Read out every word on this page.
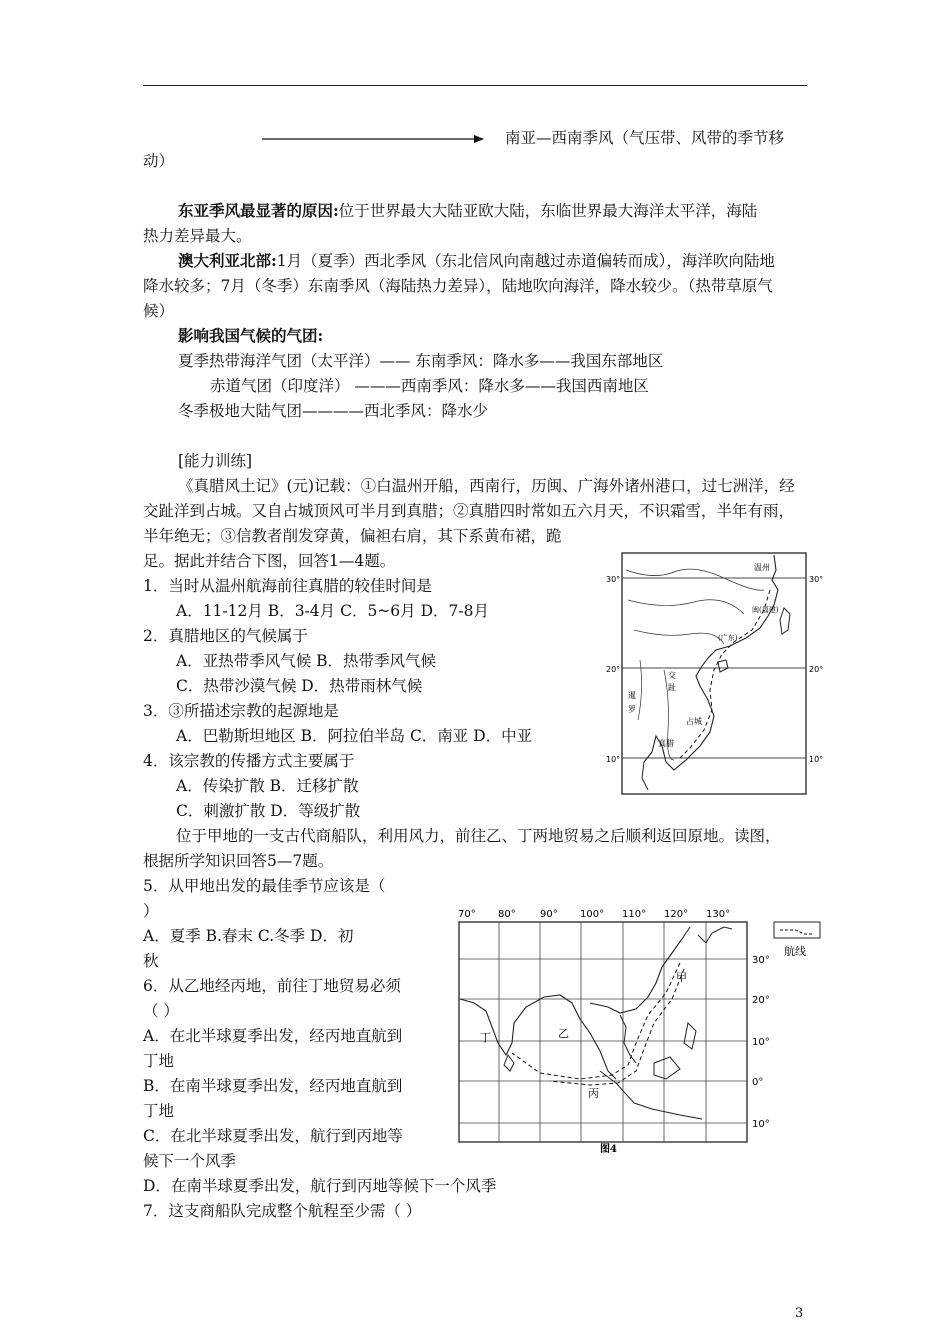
南亚—西南季风（气压带、风带的季节移
动）
东亚季风最显著的原因:位于世界最大大陆亚欧大陆，东临世界最大海洋太平洋，海陆
热力差异最大。
澳大利亚北部:1月（夏季）西北季风（东北信风向南越过赤道偏转而成），海洋吹向陆地
降水较多；7月（冬季）东南季风（海陆热力差异），陆地吹向海洋，降水较少。（热带草原气
候）
影响我国气候的气团:
夏季热带海洋气团（太平洋）—— 东南季风：降水多——我国东部地区
赤道气团（印度洋） ———西南季风：降水多——我国西南地区
冬季极地大陆气团————西北季风：降水少
[能力训练]
《真腊风土记》(元)记载：①白温州开船，西南行，历闽、广海外诸州港口，过七洲洋，经
交趾洋到占城。又自占城顶风可半月到真腊；②真腊四时常如五六月天，不识霜雪，半年有雨，
半年绝无；③信教者削发穿黄，偏袒右肩，其下系黄布裙，跪
足。据此并结合下图，回答1—4题。
1．当时从温州航海前往真腊的较佳时间是
A．11-12月 B．3-4月 C．5~6月 D．7-8月
2．真腊地区的气候属于
A．亚热带季风气候 B．热带季风气候
C．热带沙漠气候 D．热带雨林气候
3．③所描述宗教的起源地是
A．巴勒斯坦地区 B．阿拉伯半岛 C．南亚 D．中亚
4．该宗教的传播方式主要属于
A．传染扩散 B．迁移扩散
C．刺激扩散 D．等级扩散
位于甲地的一支古代商船队，利用风力，前往乙、丁两地贸易之后顺利返回原地。读图，
根据所学知识回答5—7题。
5．从甲地出发的最佳季节应该是（
）
A．夏季 B.春末 C.冬季 D．初
秋
6．从乙地经丙地，前往丁地贸易必须
（ ）
A．在北半球夏季出发，经丙地直航到
丁地
B．在南半球夏季出发，经丙地直航到
丁地
C．在北半球夏季出发，航行到丙地等
候下一个风季
D．在南半球夏季出发，航行到丙地等候下一个风季
7．这支商船队完成整个航程至少需（ ）
30°	30°
20°	20°
10°	10°
温州
闽(福建)
(广东)
交
趾
暹
罗
占城
真腊
70° 80° 90° 100° 110° 120° 130°
30°
20°
10°
0°
10°
甲
乙
丙
丁
航线
图4
3
